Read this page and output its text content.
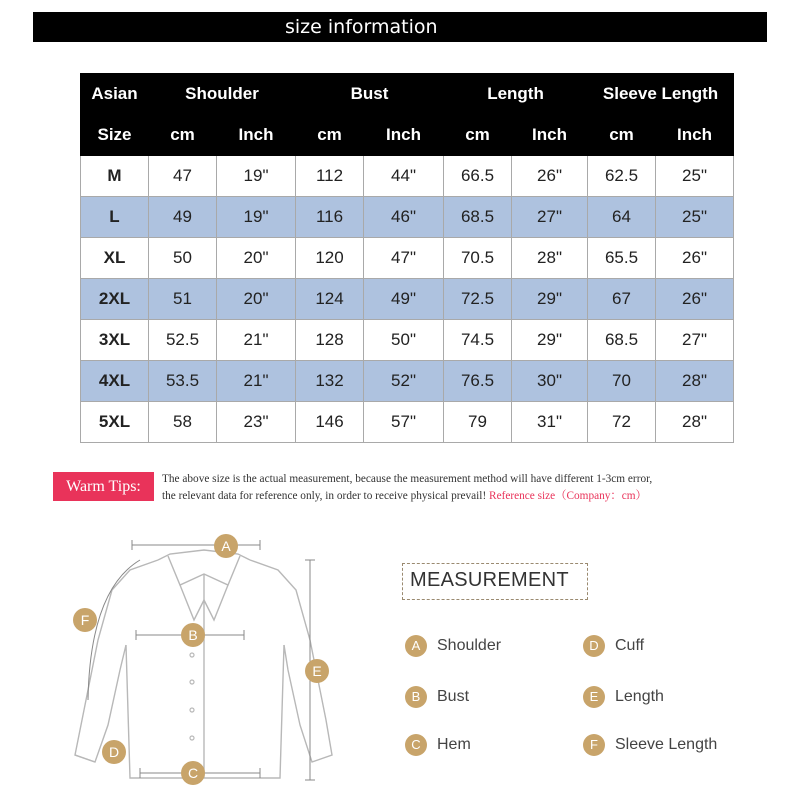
size information
Asian	Shoulder		Bust		Length		Sleeve Length	
Size	cm	Inch	cm	Inch	cm	Inch	cm	Inch
M	47	19"	112	44"	66.5	26"	62.5	25"
L	49	19"	116	46"	68.5	27"	64	25"
XL	50	20"	120	47"	70.5	28"	65.5	26"
2XL	51	20"	124	49"	72.5	29"	67	26"
3XL	52.5	21"	128	50"	74.5	29"	68.5	27"
4XL	53.5	21"	132	52"	76.5	30"	70	28"
5XL	58	23"	146	57"	79	31"	72	28"
Warm Tips:	The above size is the actual measurement, because the measurement method will have different 1-3cm error,
the relevant data for reference only, in order to receive physical prevail! Reference size（Company：cm）
A
B
C
D
E
F
MEASUREMENT
A	Shoulder
B	Bust
C	Hem
D	Cuff
E	Length
F	Sleeve Length
